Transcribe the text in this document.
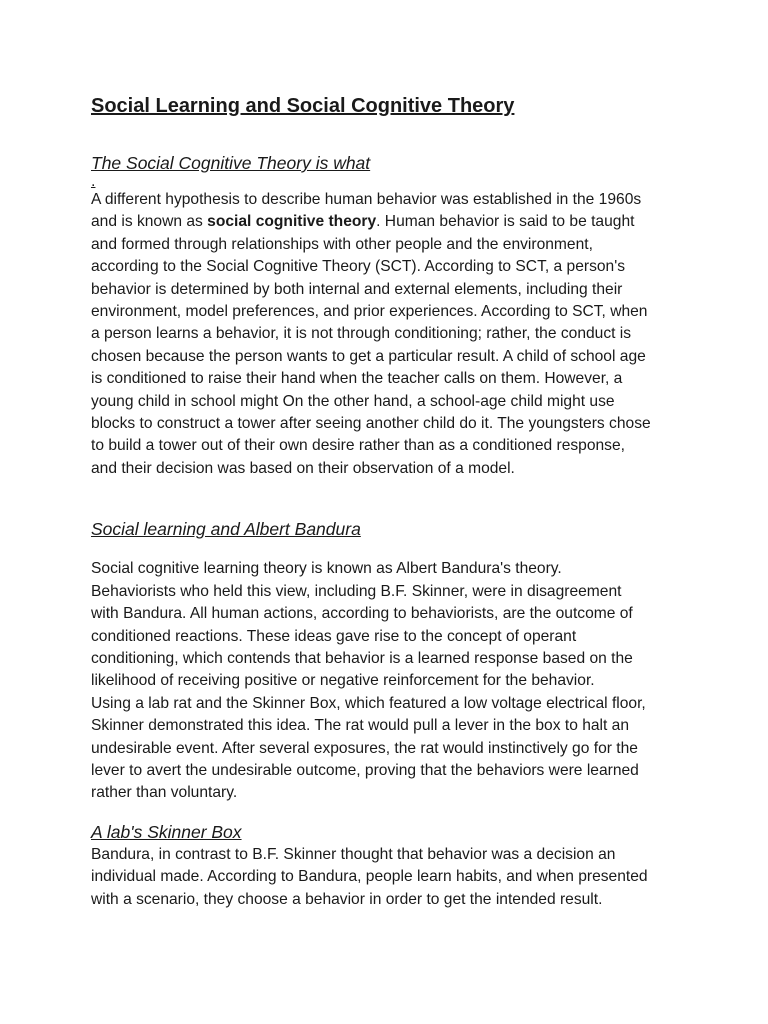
Social Learning and Social Cognitive Theory
The Social Cognitive Theory is what
.

A different hypothesis to describe human behavior was established in the 1960s
and is known as social cognitive theory. Human behavior is said to be taught
and formed through relationships with other people and the environment,
according to the Social Cognitive Theory (SCT). According to SCT, a person's
behavior is determined by both internal and external elements, including their
environment, model preferences, and prior experiences. According to SCT, when
a person learns a behavior, it is not through conditioning; rather, the conduct is
chosen because the person wants to get a particular result. A child of school age
is conditioned to raise their hand when the teacher calls on them. However, a
young child in school might On the other hand, a school-age child might use
blocks to construct a tower after seeing another child do it. The youngsters chose
to build a tower out of their own desire rather than as a conditioned response,
and their decision was based on their observation of a model.

Social learning and Albert Bandura

Social cognitive learning theory is known as Albert Bandura's theory.
Behaviorists who held this view, including B.F. Skinner, were in disagreement
with Bandura. All human actions, according to behaviorists, are the outcome of
conditioned reactions. These ideas gave rise to the concept of operant
conditioning, which contends that behavior is a learned response based on the
likelihood of receiving positive or negative reinforcement for the behavior.
Using a lab rat and the Skinner Box, which featured a low voltage electrical floor,
Skinner demonstrated this idea. The rat would pull a lever in the box to halt an
undesirable event. After several exposures, the rat would instinctively go for the
lever to avert the undesirable outcome, proving that the behaviors were learned
rather than voluntary.

A lab's Skinner Box

Bandura, in contrast to B.F. Skinner thought that behavior was a decision an
individual made. According to Bandura, people learn habits, and when presented
with a scenario, they choose a behavior in order to get the intended result.
